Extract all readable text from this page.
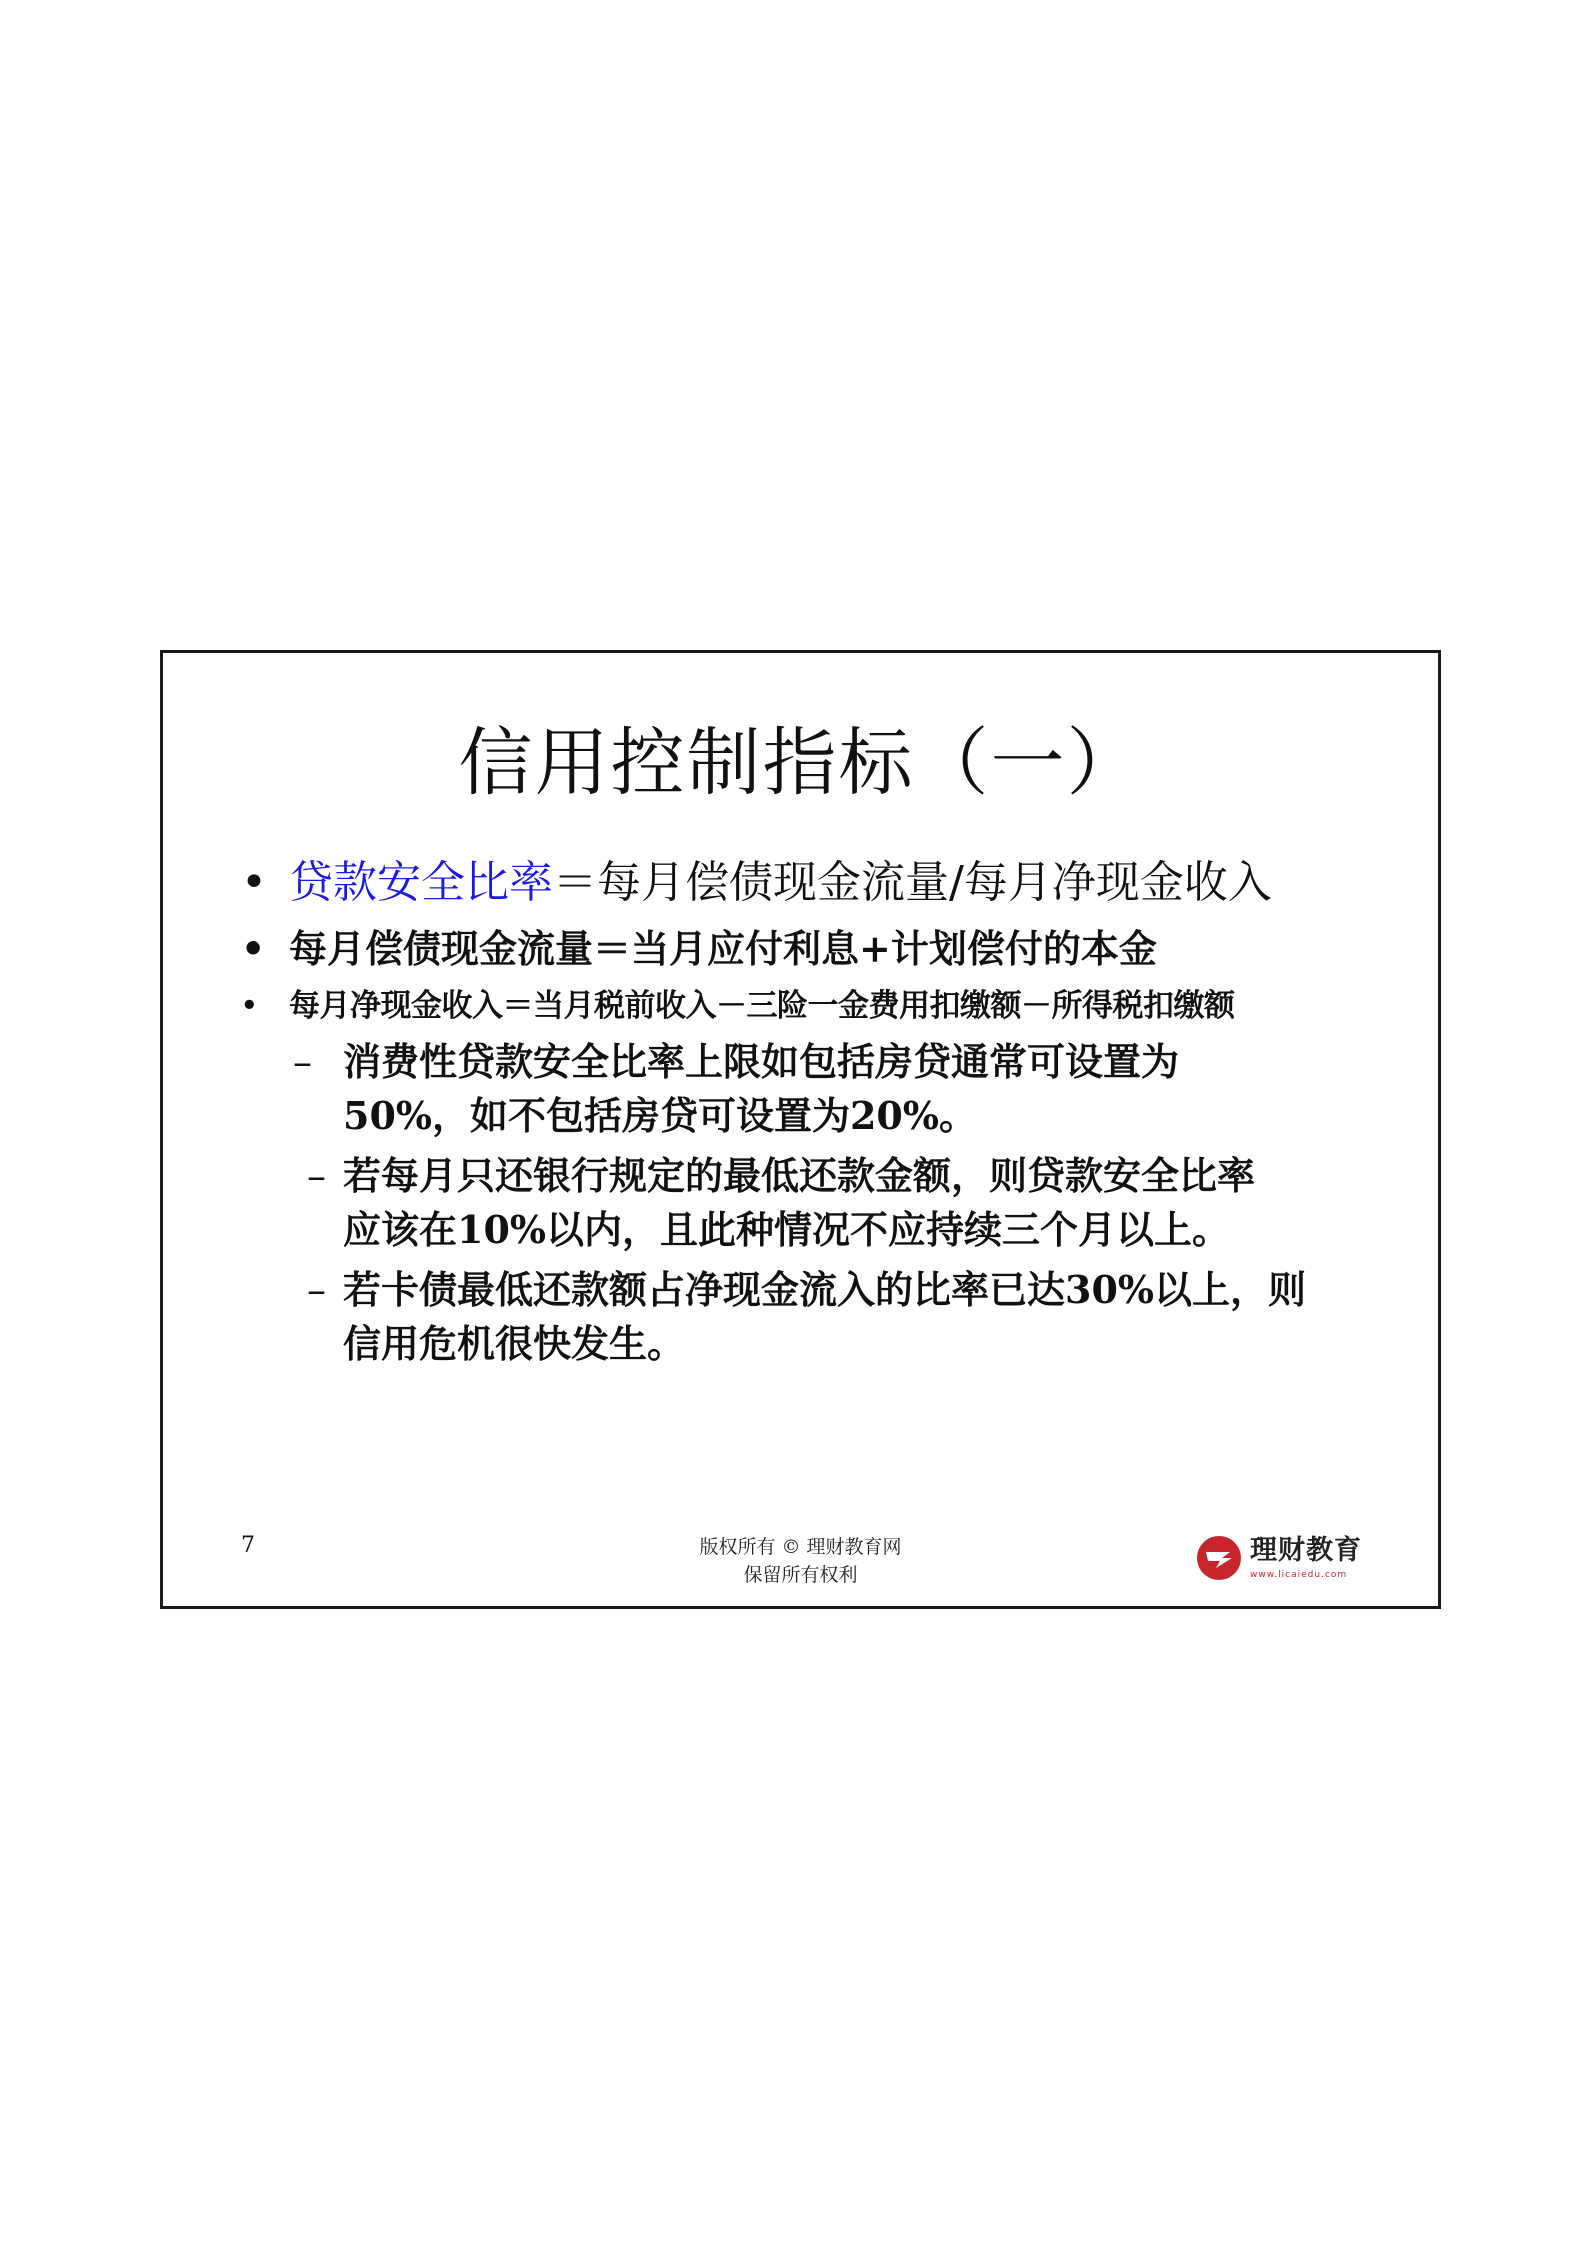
信用控制指标（一）
• 贷款安全比率＝每月偿债现金流量/每月净现金收入
• 每月偿债现金流量＝当月应付利息+计划偿付的本金
• 每月净现金收入＝当月税前收入－三险一金费用扣缴额－所得税扣缴额
– 消费性贷款安全比率上限如包括房贷通常可设置为
50%，如不包括房贷可设置为20%。
– 若每月只还银行规定的最低还款金额，则贷款安全比率
应该在10%以内，且此种情况不应持续三个月以上。
– 若卡债最低还款额占净现金流入的比率已达30%以上，则
信用危机很快发生。
7	版权所有 © 理财教育网
保留所有权利
理财教育
www.licaiedu.com
